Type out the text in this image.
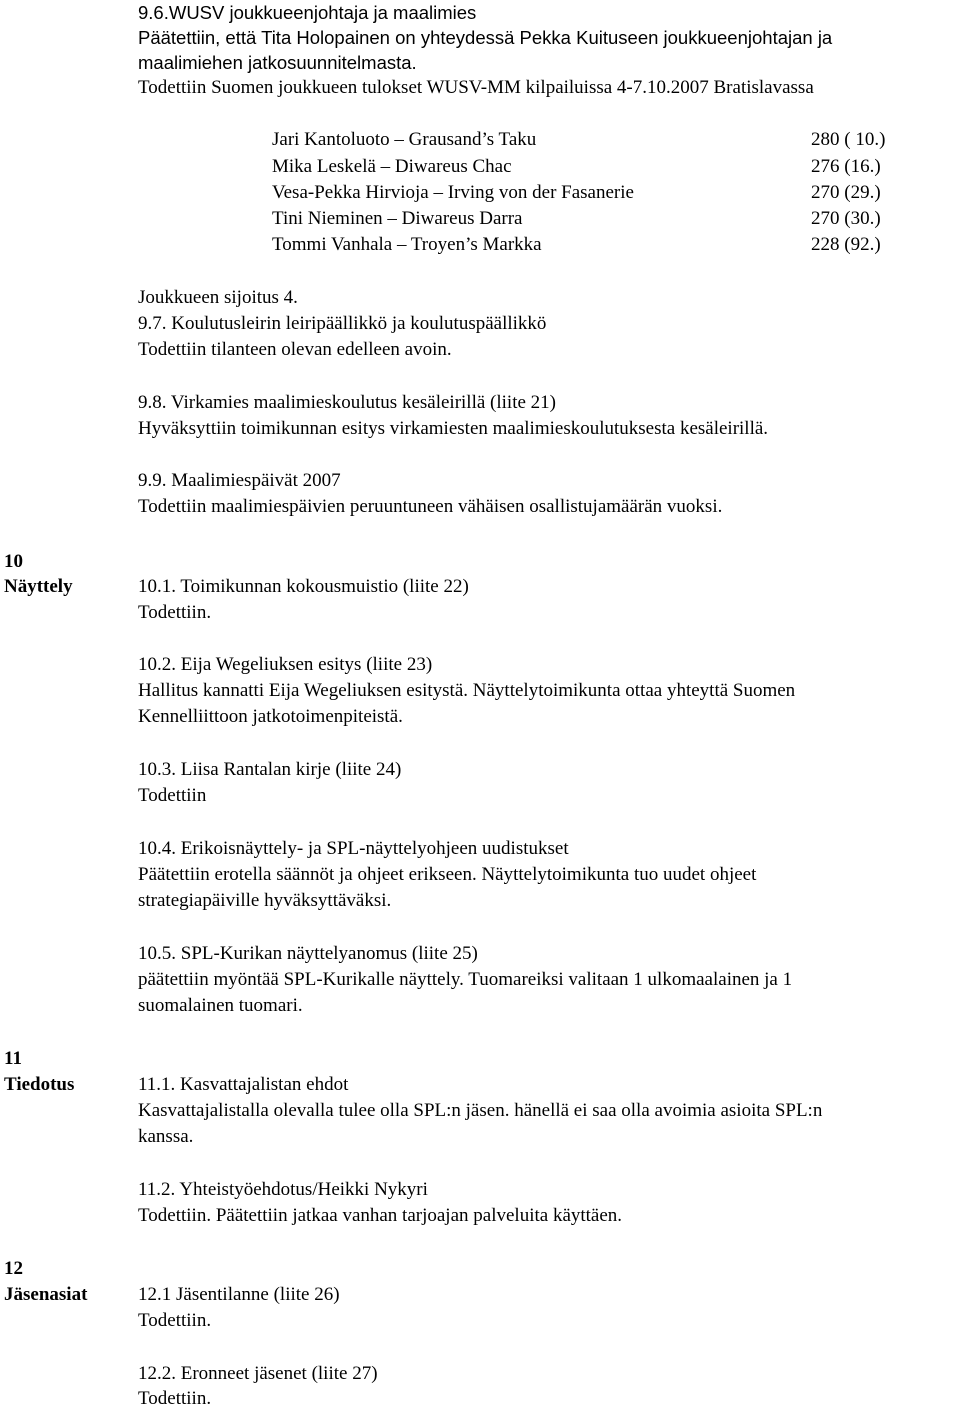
9.6.WUSV joukkueenjohtaja ja maalimies
Päätettiin, että Tita Holopainen on yhteydessä Pekka Kuituseen joukkueenjohtajan ja
maalimiehen jatkosuunnitelmasta.
Todettiin Suomen joukkueen tulokset WUSV-MM kilpailuissa 4-7.10.2007 Bratislavassa
Jari Kantoluoto – Grausand’s Taku	280 ( 10.)
Mika Leskelä – Diwareus Chac	276 (16.)
Vesa-Pekka Hirvioja – Irving von der Fasanerie	270 (29.)
Tini Nieminen – Diwareus Darra	270 (30.)
Tommi Vanhala – Troyen’s Markka	228 (92.)
Joukkueen sijoitus 4.
9.7. Koulutusleirin leiripäällikkö ja koulutuspäällikkö
Todettiin tilanteen olevan edelleen avoin.
9.8. Virkamies maalimieskoulutus kesäleirillä (liite 21)
Hyväksyttiin toimikunnan esitys virkamiesten maalimieskoulutuksesta kesäleirillä.
9.9. Maalimiespäivät 2007
Todettiin maalimiespäivien peruuntuneen vähäisen osallistujamäärän vuoksi.
10
Näyttely	10.1. Toimikunnan kokousmuistio (liite 22)
Todettiin.
10.2. Eija Wegeliuksen esitys (liite 23)
Hallitus kannatti Eija Wegeliuksen esitystä. Näyttelytoimikunta ottaa yhteyttä Suomen
Kennelliittoon jatkotoimenpiteistä.
10.3. Liisa Rantalan kirje (liite 24)
Todettiin
10.4. Erikoisnäyttely- ja SPL-näyttelyohjeen uudistukset
Päätettiin erotella säännöt ja ohjeet erikseen. Näyttelytoimikunta tuo uudet ohjeet
strategiapäiville hyväksyttäväksi.
10.5. SPL-Kurikan näyttelyanomus (liite 25)
päätettiin myöntää SPL-Kurikalle näyttely. Tuomareiksi valitaan 1 ulkomaalainen ja 1
suomalainen tuomari.
11
Tiedotus	11.1. Kasvattajalistan ehdot
Kasvattajalistalla olevalla tulee olla SPL:n jäsen. hänellä ei saa olla avoimia asioita SPL:n
kanssa.
11.2. Yhteistyöehdotus/Heikki Nykyri
Todettiin. Päätettiin jatkaa vanhan tarjoajan palveluita käyttäen.
12
Jäsenasiat	12.1 Jäsentilanne (liite 26)
Todettiin.
12.2. Eronneet jäsenet (liite 27)
Todettiin.
